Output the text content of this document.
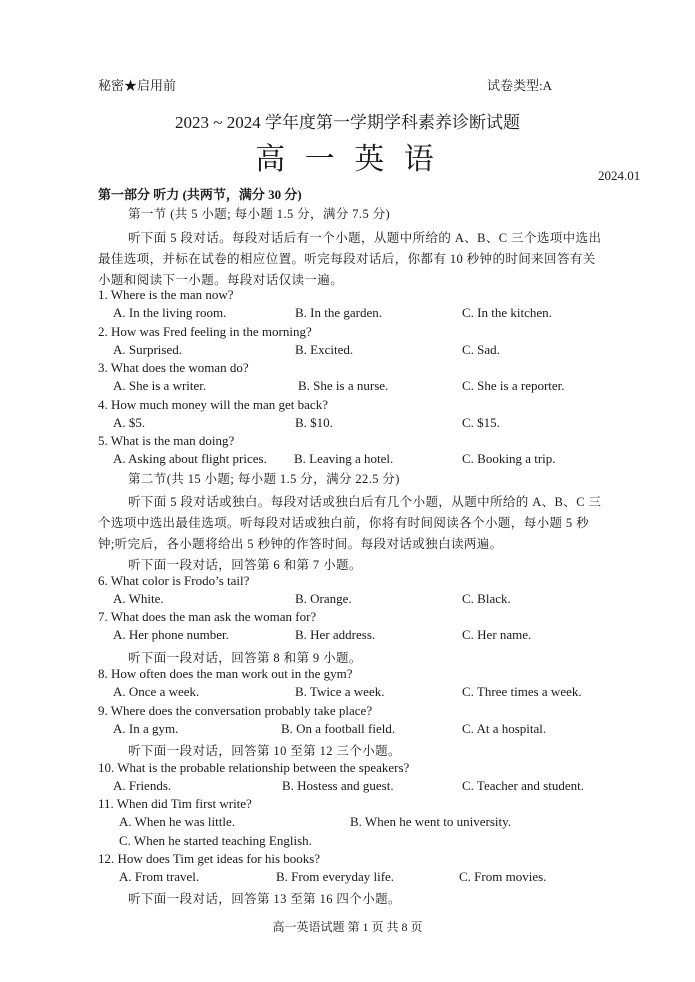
秘密★启用前	试卷类型:A
2023 ~ 2024 学年度第一学期学科素养诊断试题
高 一 英 语	2024.01
第一部分 听力 (共两节，满分 30 分)
第一节 (共 5 小题; 每小题 1.5 分，满分 7.5 分)
听下面 5 段对话。每段对话后有一个小题，从题中所给的 A、B、C 三个选项中选出
最佳选项，并标在试卷的相应位置。听完每段对话后，你都有 10 秒钟的时间来回答有关
小题和阅读下一小题。每段对话仅读一遍。
1. Where is the man now?
A. In the living room.	B. In the garden.	C. In the kitchen.
2. How was Fred feeling in the morning?
A. Surprised.	B. Excited.	C. Sad.
3. What does the woman do?
A. She is a writer.	B. She is a nurse.	C. She is a reporter.
4. How much money will the man get back?
A. $5.	B. $10.	C. $15.
5. What is the man doing?
A. Asking about flight prices. B. Leaving a hotel.	C. Booking a trip.
第二节(共 15 小题; 每小题 1.5 分，满分 22.5 分)
听下面 5 段对话或独白。每段对话或独白后有几个小题，从题中所给的 A、B、C 三
个选项中选出最佳选项。听每段对话或独白前，你将有时间阅读各个小题，每小题 5 秒
钟;听完后，各小题将给出 5 秒钟的作答时间。每段对话或独白读两遍。
听下面一段对话，回答第 6 和第 7 小题。
6. What color is Frodo’s tail?
A. White.	B. Orange.	C. Black.
7. What does the man ask the woman for?
A. Her phone number.	B. Her address.	C. Her name.
听下面一段对话，回答第 8 和第 9 小题。
8. How often does the man work out in the gym?
A. Once a week.	B. Twice a week.	C. Three times a week.
9. Where does the conversation probably take place?
A. In a gym.	B. On a football field.	C. At a hospital.
听下面一段对话，回答第 10 至第 12 三个小题。
10. What is the probable relationship between the speakers?
A. Friends.	B. Hostess and guest.	C. Teacher and student.
11. When did Tim first write?
A. When he was little.	B. When he went to university.
C. When he started teaching English.
12. How does Tim get ideas for his books?
A. From travel.	B. From everyday life.	C. From movies.
听下面一段对话，回答第 13 至第 16 四个小题。
高一英语试题 第 1 页 共 8 页
